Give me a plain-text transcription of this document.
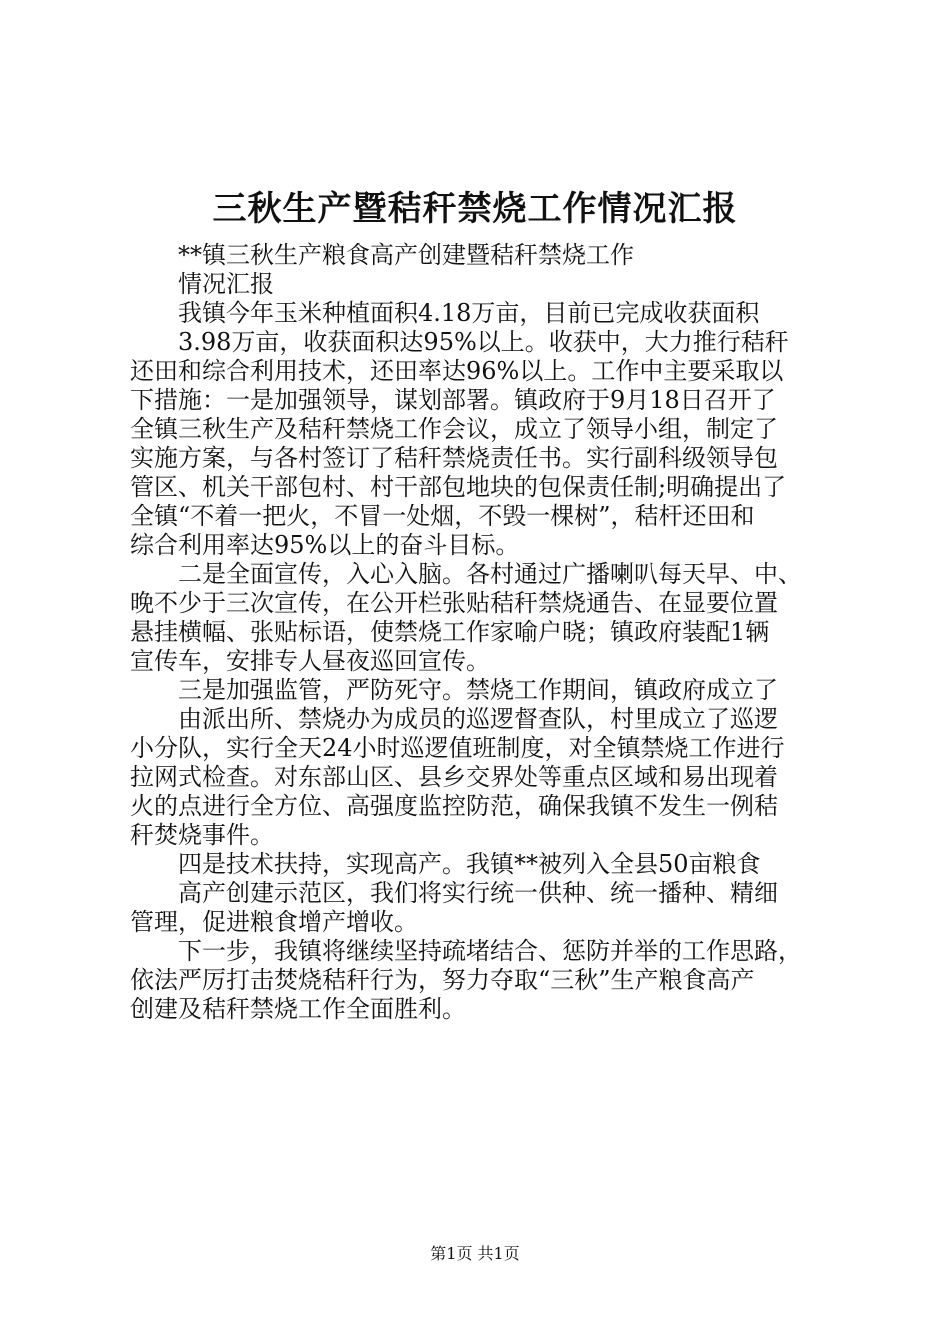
三秋生产暨秸秆禁烧工作情况汇报
**镇三秋生产粮食高产创建暨秸秆禁烧工作
情况汇报
我镇今年玉米种植面积4.18万亩，目前已完成收获面积
3.98万亩，收获面积达95%以上。收获中，大力推行秸秆
还田和综合利用技术，还田率达96%以上。工作中主要采取以
下措施：一是加强领导，谋划部署。镇政府于9月18日召开了
全镇三秋生产及秸秆禁烧工作会议，成立了领导小组，制定了
实施方案，与各村签订了秸秆禁烧责任书。实行副科级领导包
管区、机关干部包村、村干部包地块的包保责任制;明确提出了
全镇“不着一把火，不冒一处烟，不毁一棵树”，秸杆还田和
综合利用率达95%以上的奋斗目标。
二是全面宣传，入心入脑。各村通过广播喇叭每天早、中、
晚不少于三次宣传，在公开栏张贴秸秆禁烧通告、在显要位置
悬挂横幅、张贴标语，使禁烧工作家喻户晓；镇政府装配1辆
宣传车，安排专人昼夜巡回宣传。
三是加强监管，严防死守。禁烧工作期间，镇政府成立了
由派出所、禁烧办为成员的巡逻督查队，村里成立了巡逻
小分队，实行全天24小时巡逻值班制度，对全镇禁烧工作进行
拉网式检查。对东部山区、县乡交界处等重点区域和易出现着
火的点进行全方位、高强度监控防范，确保我镇不发生一例秸
秆焚烧事件。
四是技术扶持，实现高产。我镇**被列入全县50亩粮食
高产创建示范区，我们将实行统一供种、统一播种、精细
管理，促进粮食增产增收。
下一步，我镇将继续坚持疏堵结合、惩防并举的工作思路，
依法严厉打击焚烧秸秆行为，努力夺取“三秋”生产粮食高产
创建及秸秆禁烧工作全面胜利。
第1页 共1页
